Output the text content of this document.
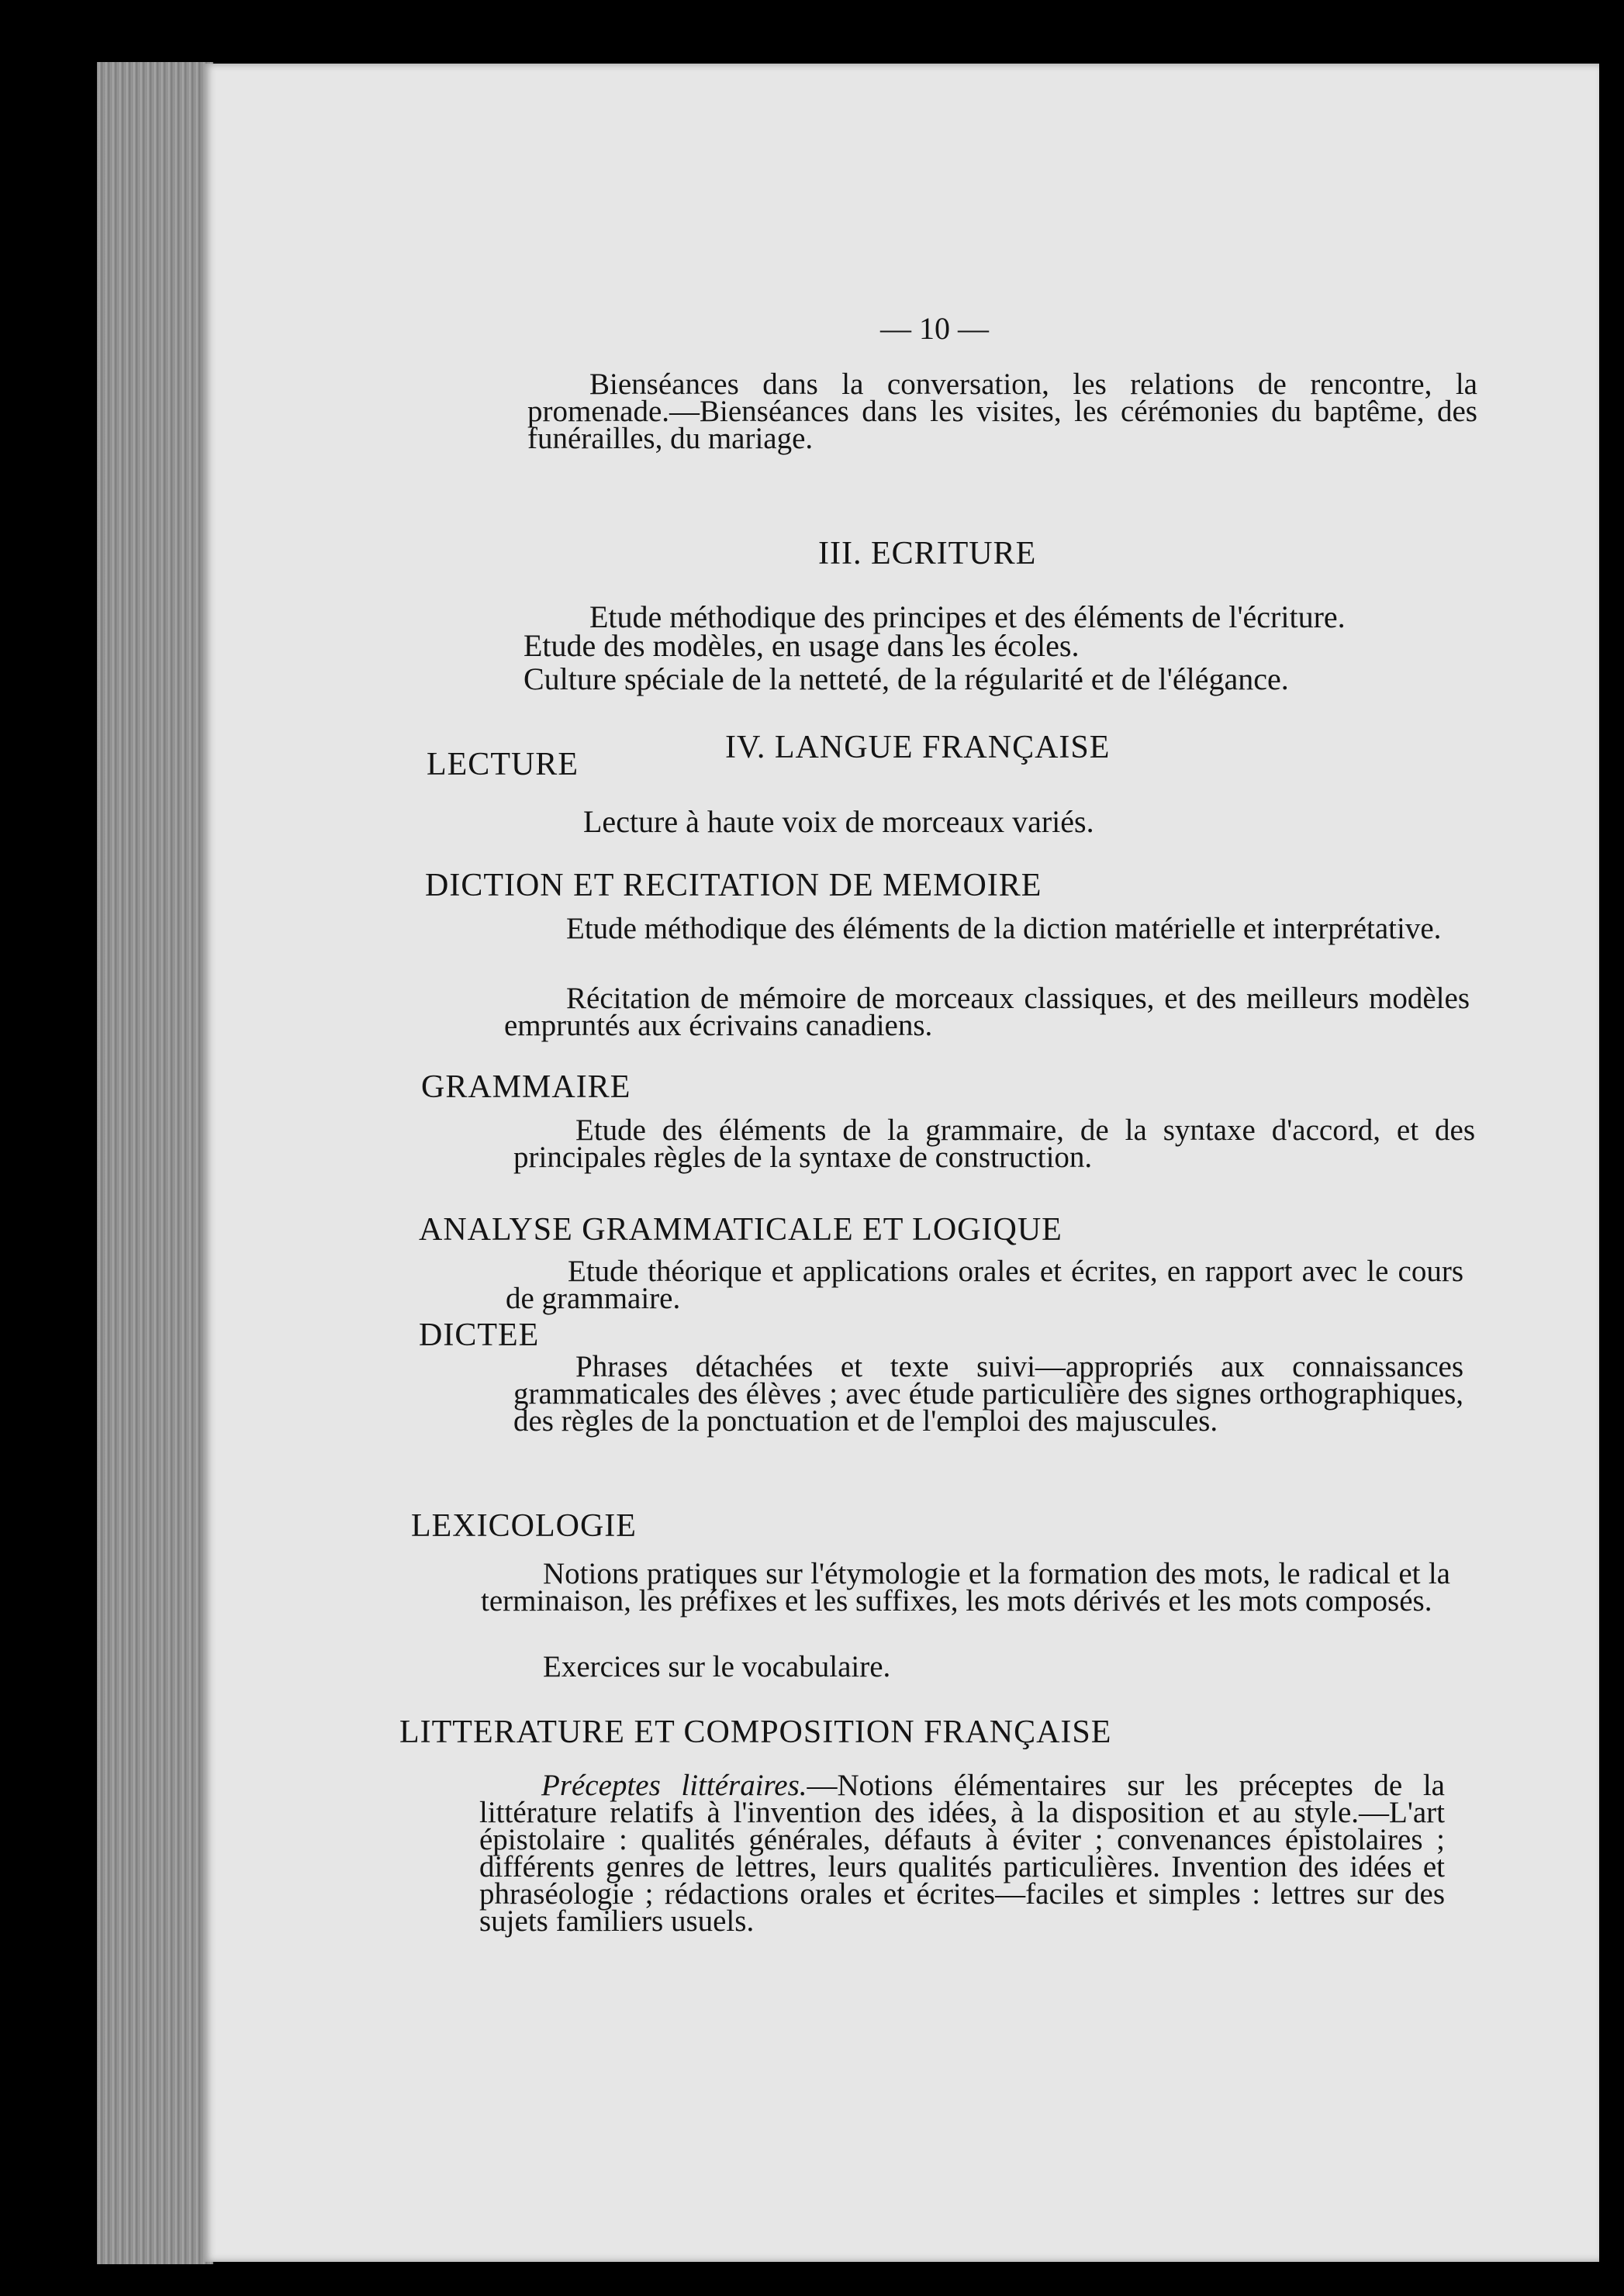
— 10 —
Bienséances dans la conversation, les relations de rencontre, la promenade.—Bienséances dans les visites, les cérémonies du baptême, des funérailles, du mariage.
III. ECRITURE
Etude méthodique des principes et des éléments de l'écriture.
Etude des modèles, en usage dans les écoles.
Culture spéciale de la netteté, de la régularité et de l'élégance.
IV. LANGUE FRANÇAISE
LECTURE
Lecture à haute voix de morceaux variés.
DICTION ET RECITATION DE MEMOIRE
Etude méthodique des éléments de la diction matérielle et interprétative.
Récitation de mémoire de morceaux classiques, et des meilleurs modèles empruntés aux écrivains canadiens.
GRAMMAIRE
Etude des éléments de la grammaire, de la syntaxe d'accord, et des principales règles de la syntaxe de construction.
ANALYSE GRAMMATICALE ET LOGIQUE
Etude théorique et applications orales et écrites, en rapport avec le cours de grammaire.
DICTEE
Phrases détachées et texte suivi—appropriés aux connaissances grammaticales des élèves ; avec étude particulière des signes orthographiques, des règles de la ponctuation et de l'emploi des majuscules.
LEXICOLOGIE
Notions pratiques sur l'étymologie et la formation des mots, le radical et la terminaison, les préfixes et les suffixes, les mots dérivés et les mots composés.
Exercices sur le vocabulaire.
LITTERATURE ET COMPOSITION FRANÇAISE
Préceptes littéraires.—Notions élémentaires sur les préceptes de la littérature relatifs à l'invention des idées, à la disposition et au style.—L'art épistolaire : qualités générales, défauts à éviter ; convenances épistolaires ; différents genres de lettres, leurs qualités particulières. Invention des idées et phraséologie ; rédactions orales et écrites—faciles et simples : lettres sur des sujets familiers usuels.
